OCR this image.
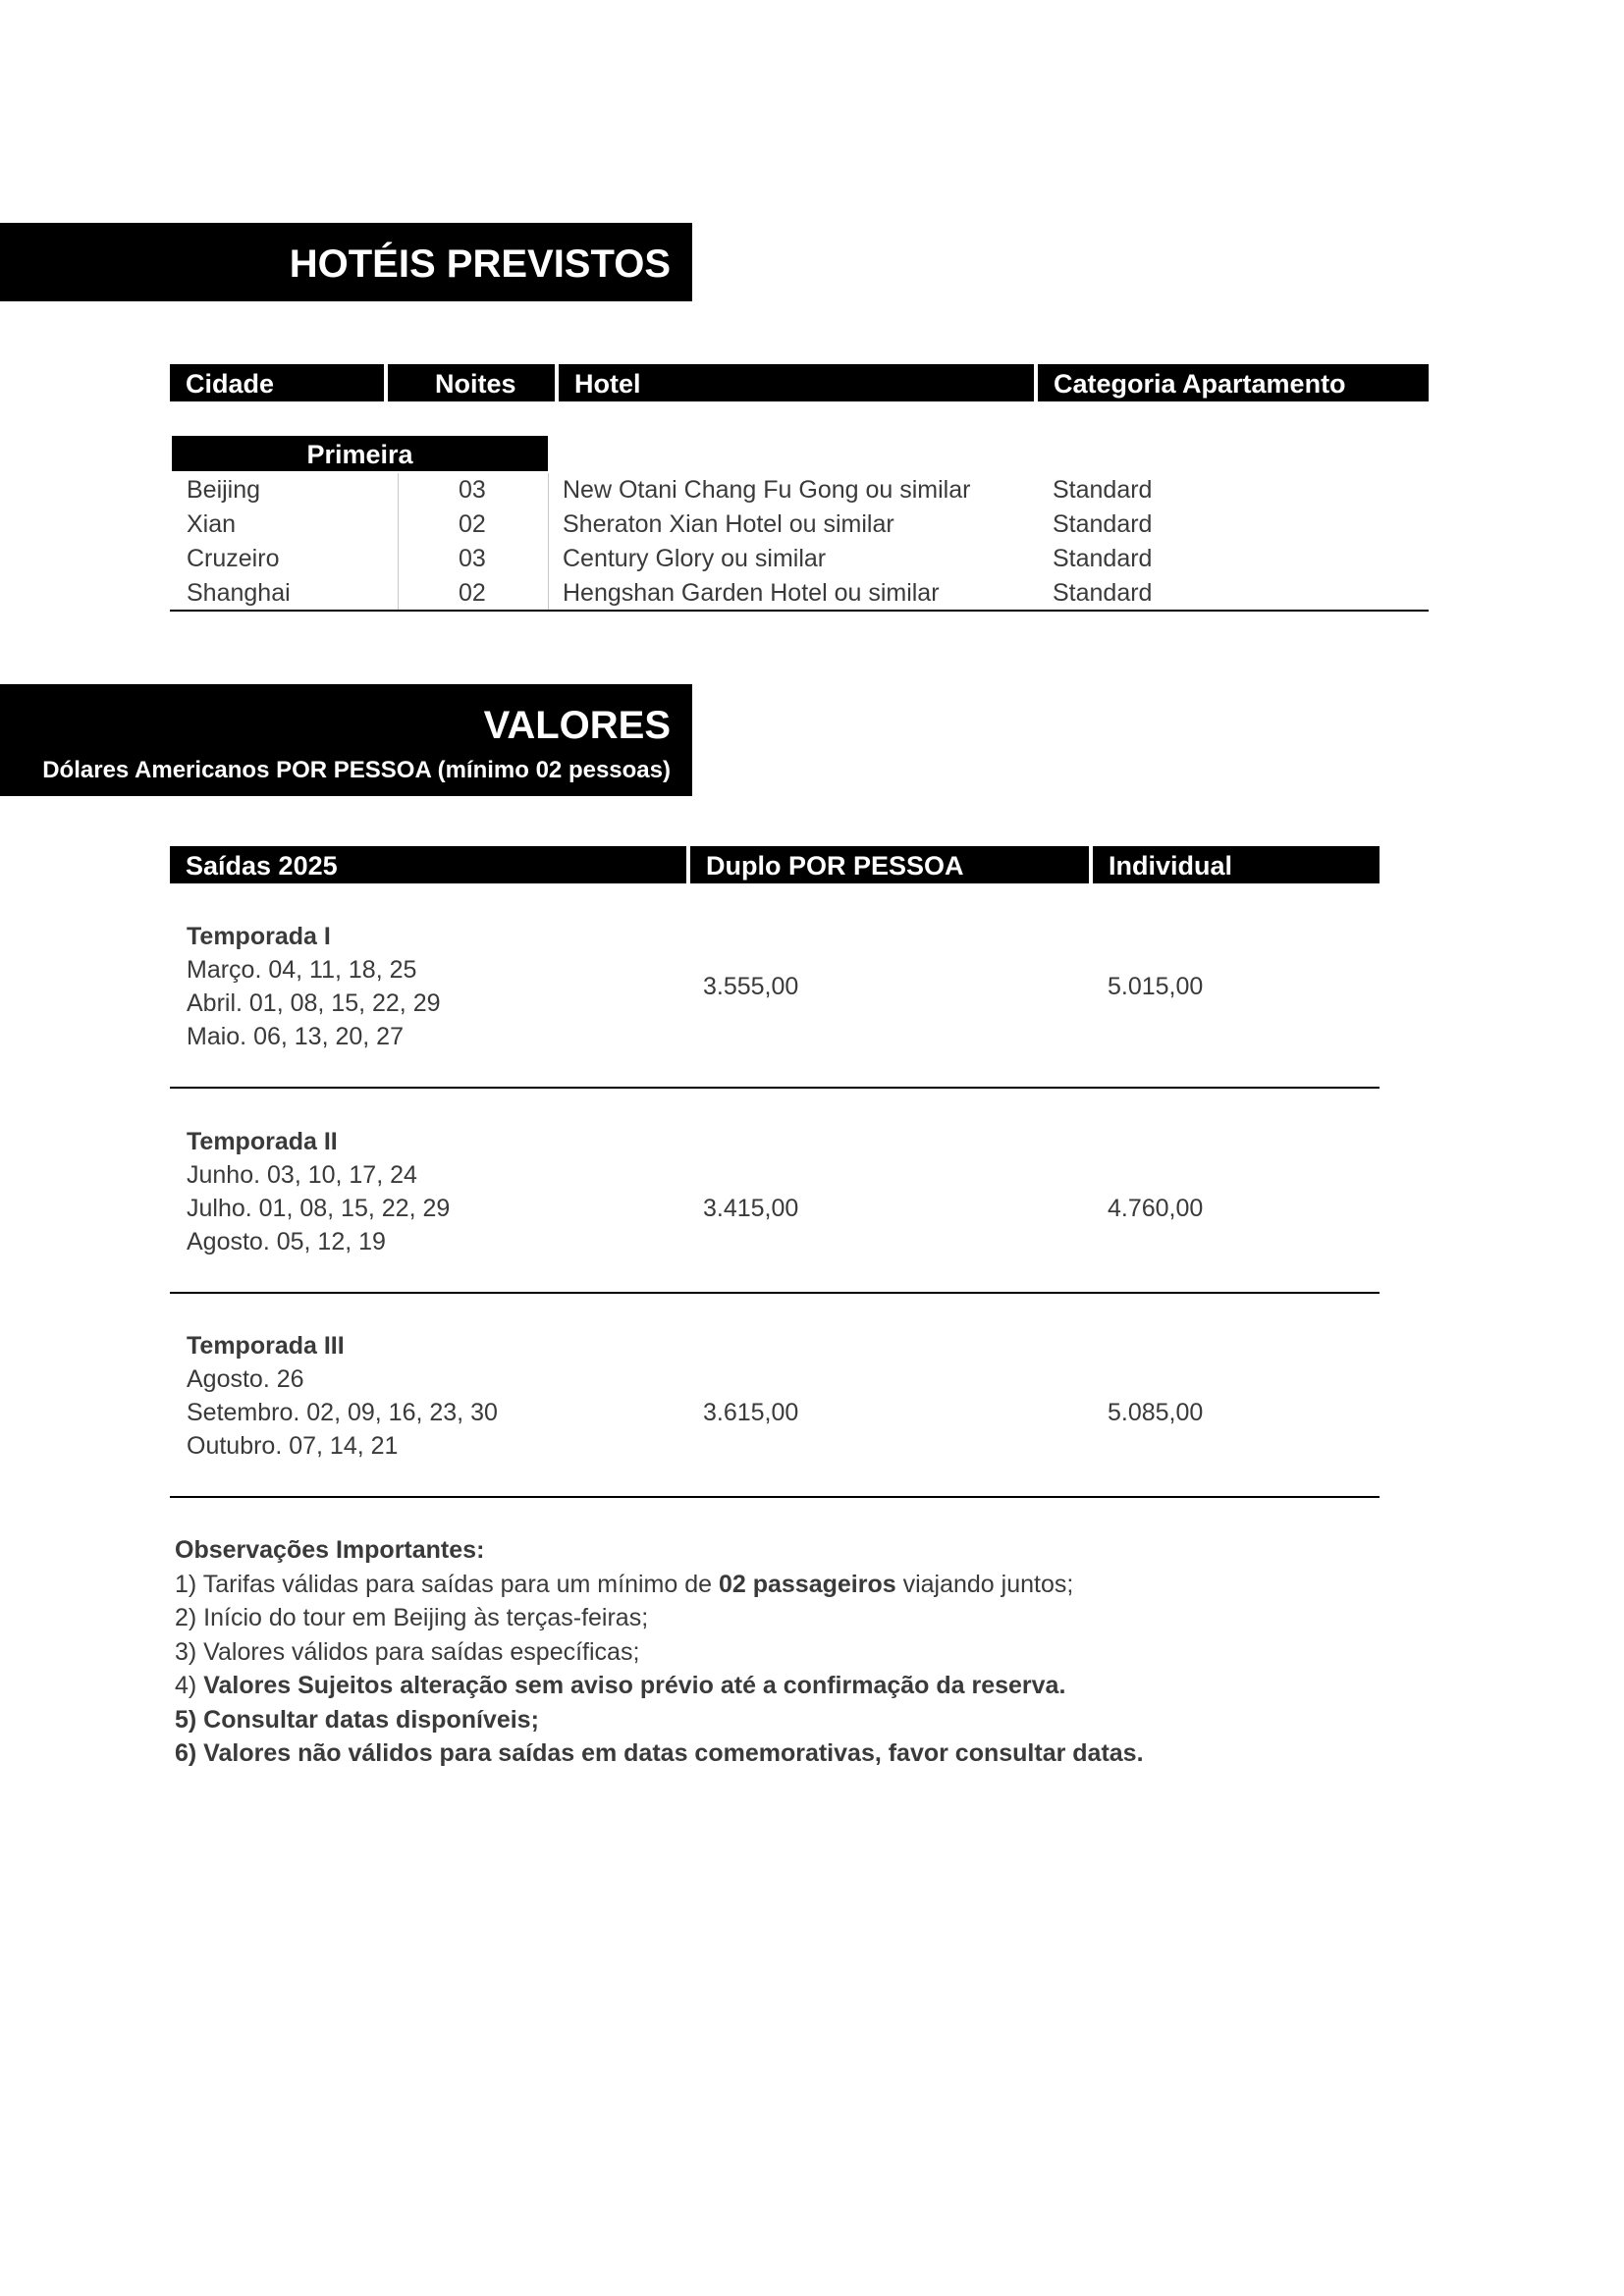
HOTÉIS PREVISTOS
Cidade	Noites	Hotel	Categoria Apartamento
Primeira
Beijing	03	New Otani Chang Fu Gong ou similar	Standard
Xian	02	Sheraton Xian Hotel ou similar	Standard
Cruzeiro	03	Century Glory ou similar	Standard
Shanghai	02	Hengshan Garden Hotel ou similar	Standard
VALORES
Dólares Americanos POR PESSOA (mínimo 02 pessoas)
Saídas 2025	Duplo POR PESSOA	Individual
Temporada I
Março. 04, 11, 18, 25
Abril. 01, 08, 15, 22, 29
Maio. 06, 13, 20, 27
3.555,00	5.015,00
Temporada II
Junho. 03, 10, 17, 24
Julho. 01, 08, 15, 22, 29
Agosto. 05, 12, 19
3.415,00	4.760,00
Temporada III
Agosto. 26
Setembro. 02, 09, 16, 23, 30
Outubro. 07, 14, 21
3.615,00	5.085,00
Observações Importantes:
1) Tarifas válidas para saídas para um mínimo de 02 passageiros viajando juntos;
2) Início do tour em Beijing às terças-feiras;
3) Valores válidos para saídas específicas;
4) Valores Sujeitos alteração sem aviso prévio até a confirmação da reserva.
5) Consultar datas disponíveis;
6) Valores não válidos para saídas em datas comemorativas, favor consultar datas.
